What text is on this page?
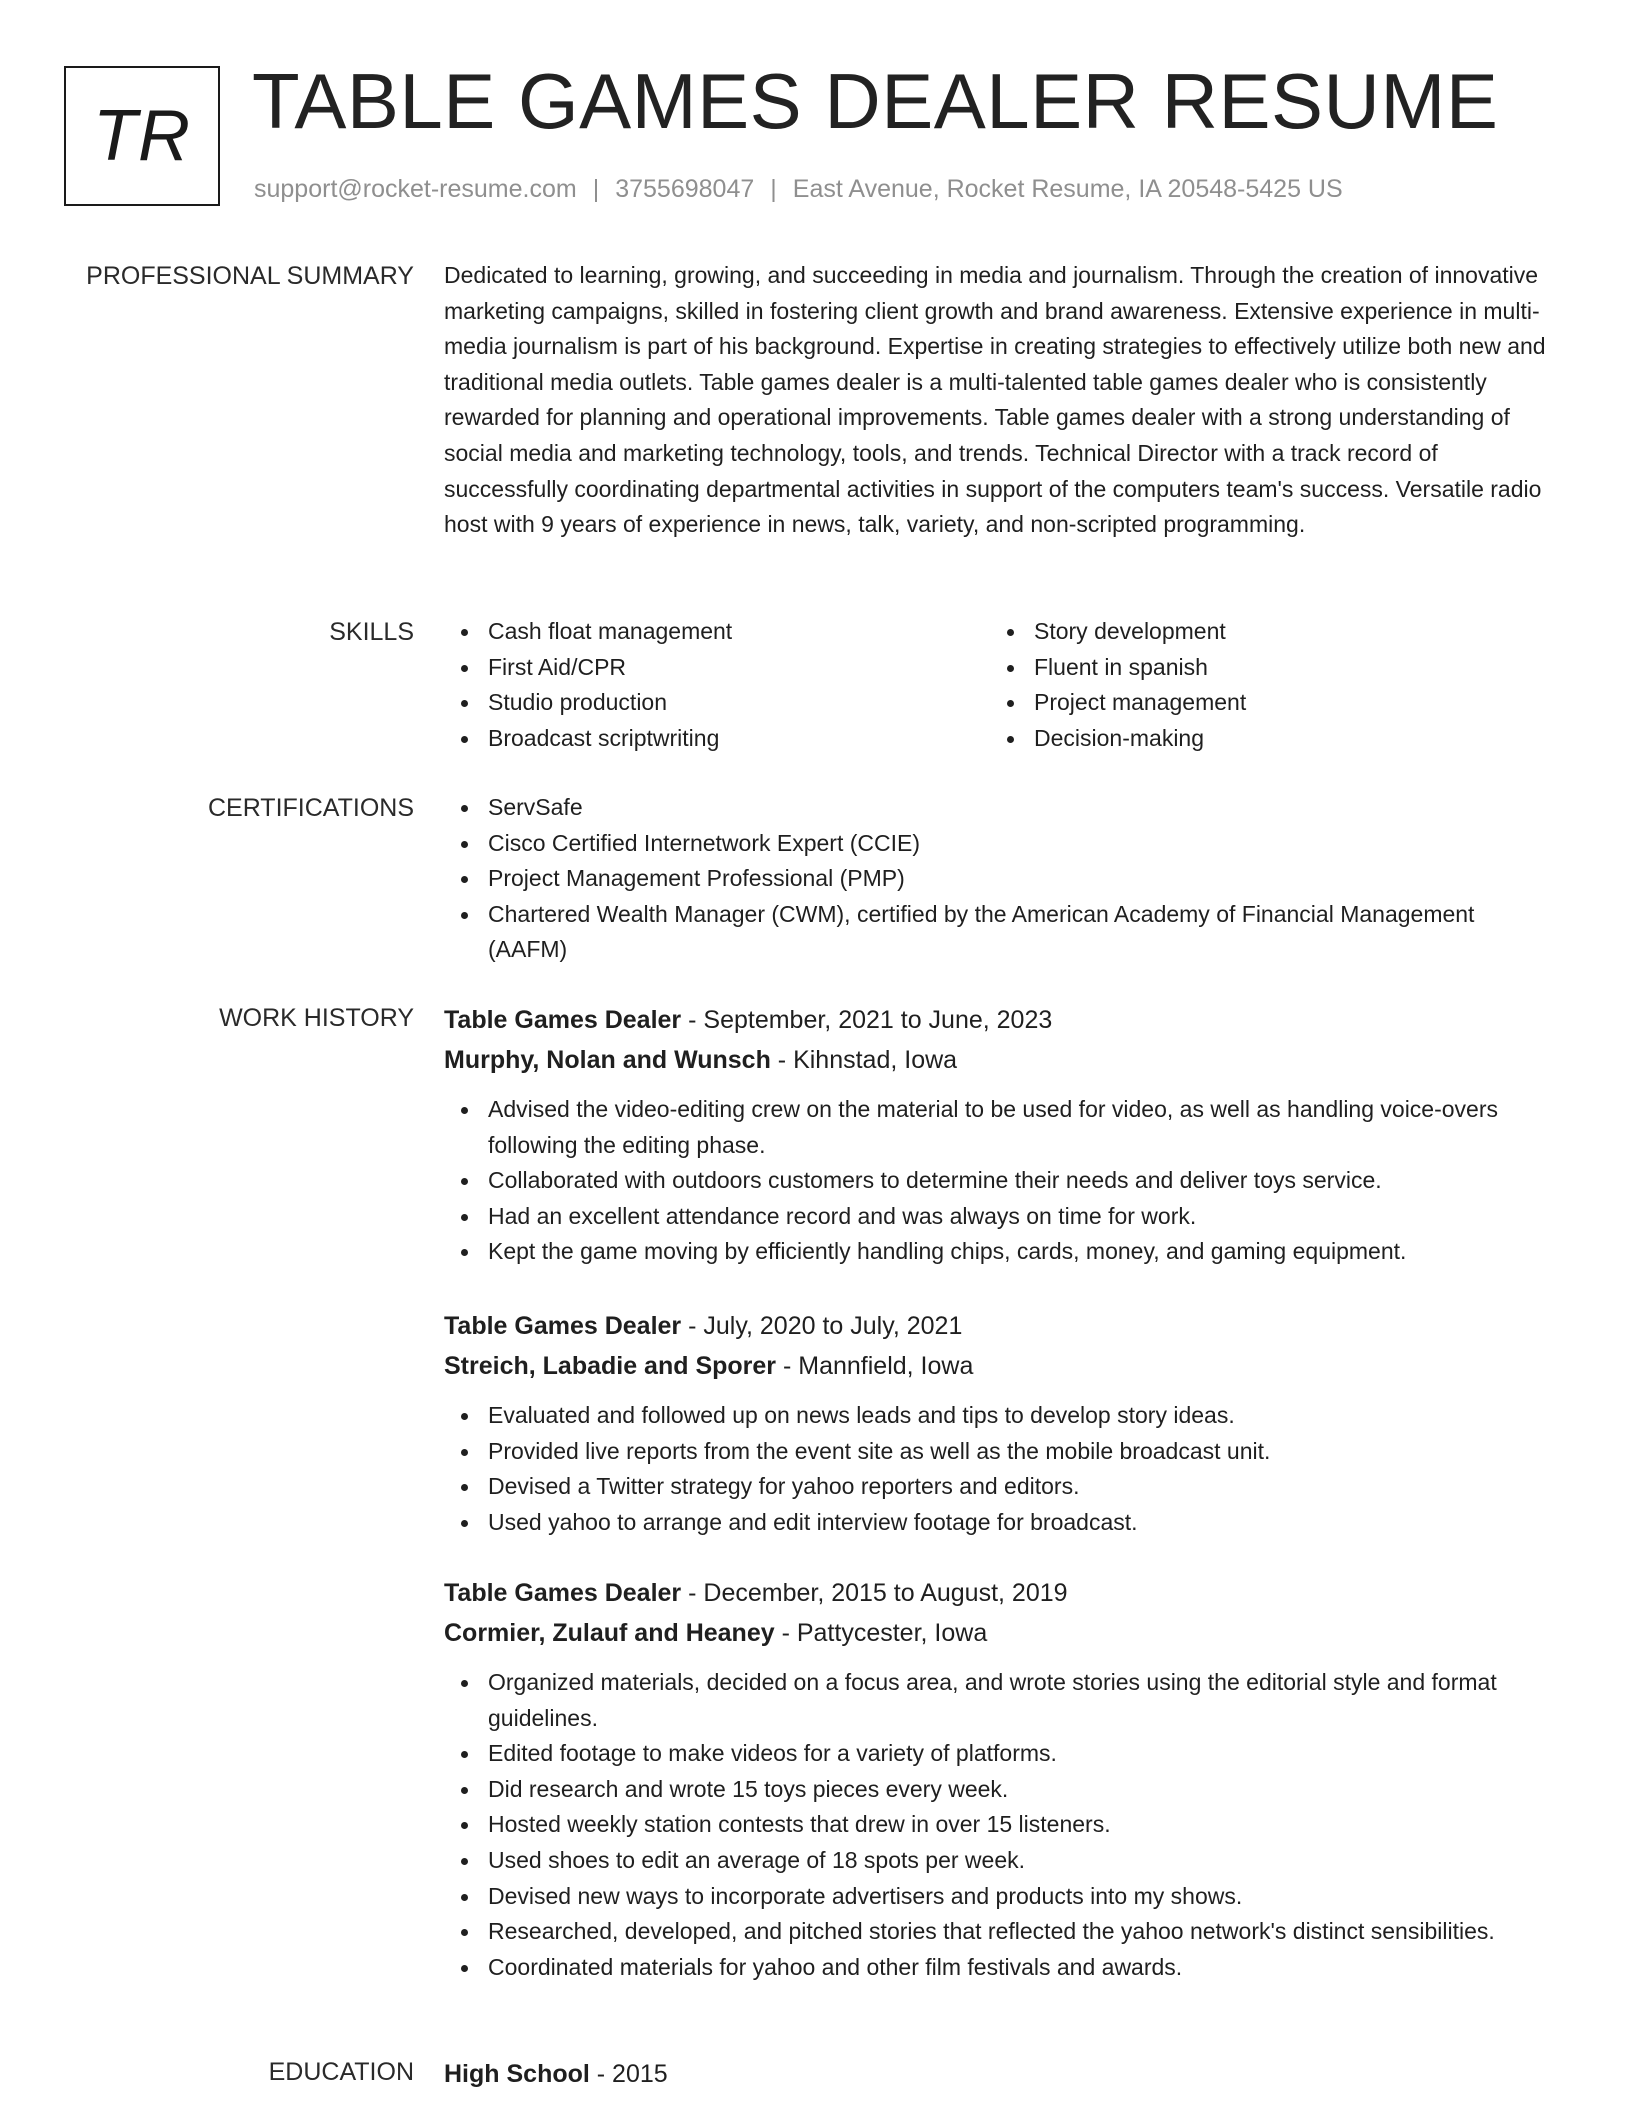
TR TABLE GAMES DEALER RESUME
support@rocket-resume.com | 3755698047 | East Avenue, Rocket Resume, IA 20548-5425 US
PROFESSIONAL SUMMARY Dedicated to learning, growing, and succeeding in media and journalism. Through the creation of innovative marketing campaigns, skilled in fostering client growth and brand awareness. Extensive experience in multi-media journalism is part of his background. Expertise in creating strategies to effectively utilize both new and traditional media outlets. Table games dealer is a multi-talented table games dealer who is consistently rewarded for planning and operational improvements. Table games dealer with a strong understanding of social media and marketing technology, tools, and trends. Technical Director with a track record of successfully coordinating departmental activities in support of the computers team's success. Versatile radio host with 9 years of experience in news, talk, variety, and non-scripted programming.

SKILLS	Cash float management
First Aid/CPR
Studio production
Broadcast scriptwriting
Story development
Fluent in spanish
Project management
Decision-making
CERTIFICATIONS	ServSafe
Cisco Certified Internetwork Expert (CCIE)
Project Management Professional (PMP)
Chartered Wealth Manager (CWM), certified by the American Academy of Financial Management (AAFM)
WORK HISTORY Table Games Dealer - September, 2021 to June, 2023
Murphy, Nolan and Wunsch - Kihnstad, Iowa
Advised the video-editing crew on the material to be used for video, as well as handling voice-overs following the editing phase.
Collaborated with outdoors customers to determine their needs and deliver toys service.
Had an excellent attendance record and was always on time for work.
Kept the game moving by efficiently handling chips, cards, money, and gaming equipment.
Table Games Dealer - July, 2020 to July, 2021
Streich, Labadie and Sporer - Mannfield, Iowa
Evaluated and followed up on news leads and tips to develop story ideas.
Provided live reports from the event site as well as the mobile broadcast unit.
Devised a Twitter strategy for yahoo reporters and editors.
Used yahoo to arrange and edit interview footage for broadcast.
Table Games Dealer - December, 2015 to August, 2019
Cormier, Zulauf and Heaney - Pattycester, Iowa
Organized materials, decided on a focus area, and wrote stories using the editorial style and format guidelines.
Edited footage to make videos for a variety of platforms.
Did research and wrote 15 toys pieces every week.
Hosted weekly station contests that drew in over 15 listeners.
Used shoes to edit an average of 18 spots per week.
Devised new ways to incorporate advertisers and products into my shows.
Researched, developed, and pitched stories that reflected the yahoo network's distinct sensibilities.
Coordinated materials for yahoo and other film festivals and awards.
EDUCATION High School - 2015
